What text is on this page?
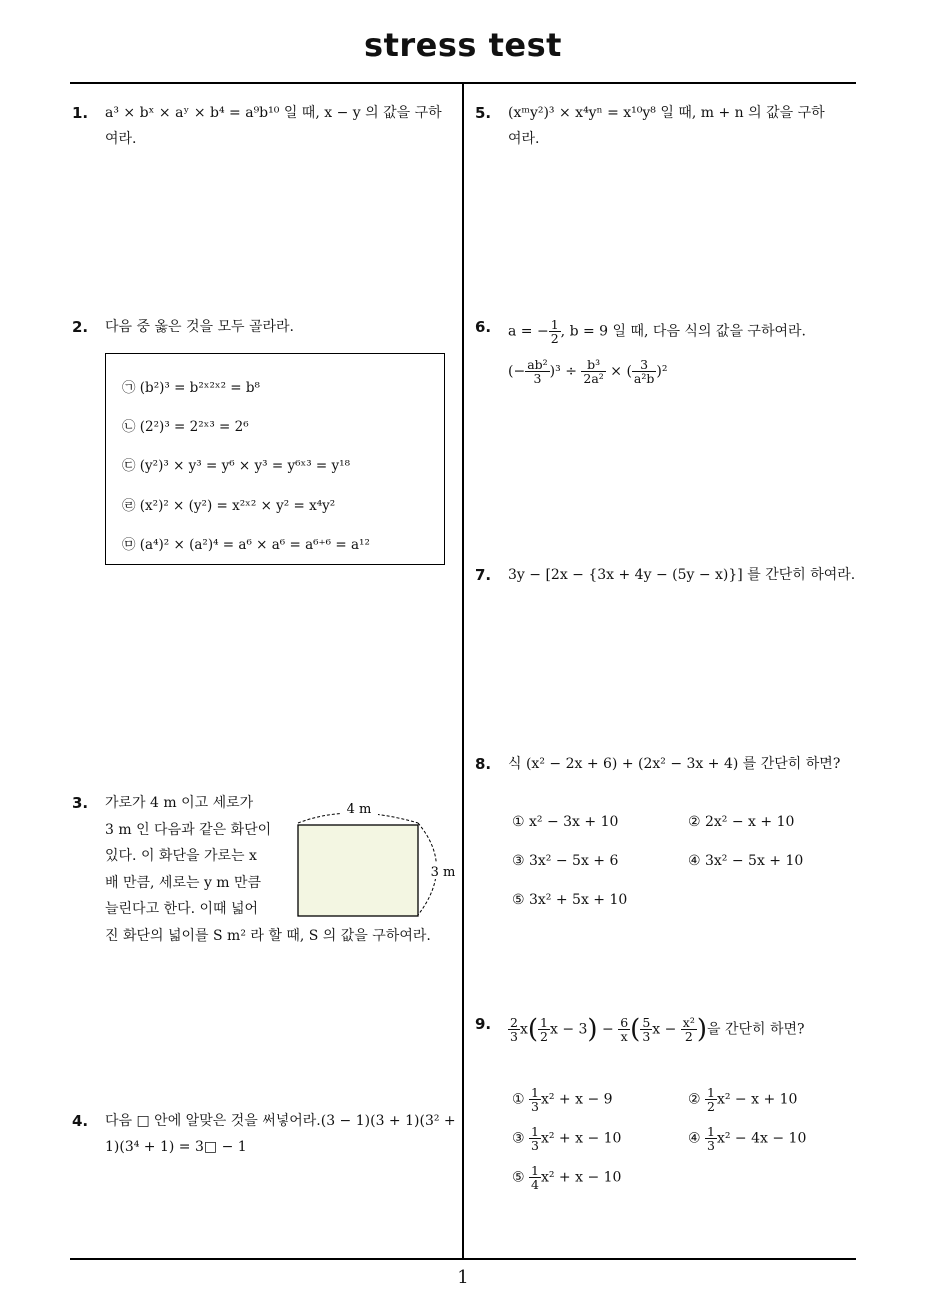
stress test
1. a³ × bˣ × aʸ × b⁴ = a⁹b¹⁰ 일 때, x − y 의 값을 구하
여라.
2. 다음 중 옳은 것을 모두 골라라.
㉠ (b²)³ = b²ˣ²ˣ² = b⁸
㉡ (2²)³ = 2²ˣ³ = 2⁶
㉢ (y²)³ × y³ = y⁶ × y³ = y⁶ˣ³ = y¹⁸
㉣ (x²)² × (y²) = x²ˣ² × y² = x⁴y²
㉤ (a⁴)² × (a²)⁴ = a⁶ × a⁶ = a⁶⁺⁶ = a¹²
3. 가로가 4 m 이고 세로가
3 m 인 다음과 같은 화단이
있다. 이 화단을 가로는 x
배 만큼, 세로는 y m 만큼
늘린다고 한다. 이때 넓어
진 화단의 넓이를 S m² 라 할 때, S 의 값을 구하여라.
4 m
3 m
4. 다음 □ 안에 알맞은 것을 써넣어라.(3 − 1)(3 + 1)(3² +
1)(3⁴ + 1) = 3□ − 1
5. (xᵐy²)³ × x⁴yⁿ = x¹⁰y⁸ 일 때, m + n 의 값을 구하
여라.
6. a = − $\frac{1}{2}$ , b = 9 일 때, 다음 식의 값을 구하여라.
(− $\frac{\text{ab²}}{3} )^3 \div \frac{\text{b³}}{\text{2a²}}$ × ( $\frac{3}{\text{a²b}} )^2$
7. 3y − [2x − {3x + 4y − (5y − x)}] 를 간단히 하여라.
8. 식 (x² − 2x + 6) + (2x² − 3x + 4) 를 간단히 하면?
① x² − 3x + 10	② 2x² − x + 10
③ 3x² − 5x + 6	④ 3x² − 5x + 10
⑤ 3x² + 5x + 10
9. $\frac{2}{3} x( \frac{1}{2}$ $x - 3) - \frac{6}{x}$ ( $\frac{5}{3}$ $x - \frac{\text{x²}}{2}$ )을 간단히 하면?
① $\frac{1}{3} x^2 + x - 9$	② $\frac{1}{2} x^2 - x + 10$
③ $\frac{1}{3} x^2 + x - 10$	④ $\frac{1}{3} x^2 - 4x - 10$
⑤ $\frac{1}{4} x^2 + x - 10$
1
